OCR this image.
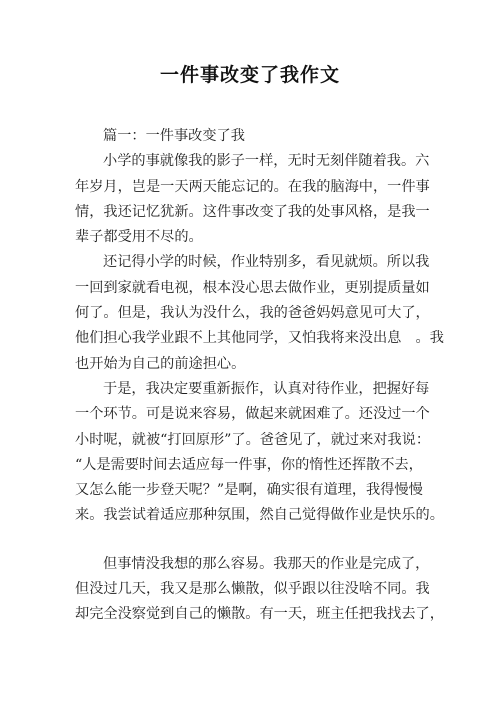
一件事改变了我作文
篇一：一件事改变了我
小学的事就像我的影子一样，无时无刻伴随着我。六
年岁月，岂是一天两天能忘记的。在我的脑海中，一件事
情，我还记忆犹新。这件事改变了我的处事风格，是我一
辈子都受用不尽的。
还记得小学的时候，作业特别多，看见就烦。所以我
一回到家就看电视，根本没心思去做作业，更别提质量如
何了。但是，我认为没什么，我的爸爸妈妈意见可大了，
他们担心我学业跟不上其他同学，又怕我将来没出息　。我
也开始为自己的前途担心。
于是，我决定要重新振作，认真对待作业，把握好每
一个环节。可是说来容易，做起来就困难了。还没过一个
小时呢，就被“打回原形”了。爸爸见了，就过来对我说：
“人是需要时间去适应每一件事，你的惰性还挥散不去，
又怎么能一步登天呢？”是啊，确实很有道理，我得慢慢
来。我尝试着适应那种氛围，然自己觉得做作业是快乐的。
但事情没我想的那么容易。我那天的作业是完成了，
但没过几天，我又是那么懒散，似乎跟以往没啥不同。我
却完全没察觉到自己的懒散。有一天，班主任把我找去了，
